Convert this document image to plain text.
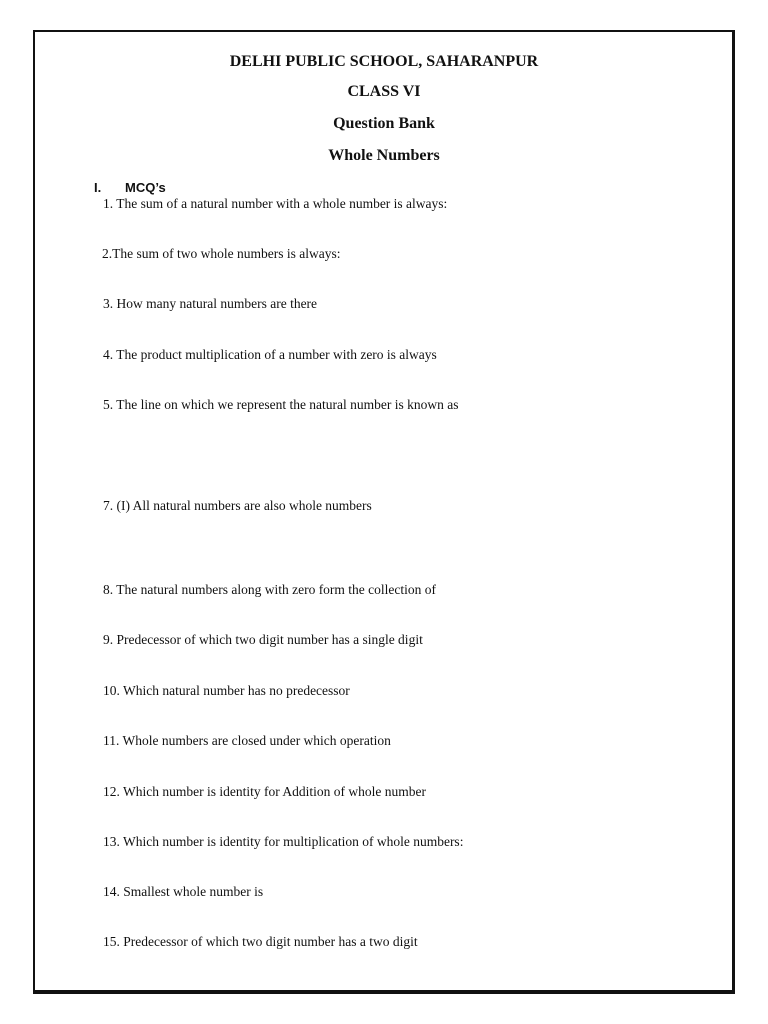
DELHI PUBLIC SCHOOL, SAHARANPUR
CLASS VI
Question Bank
Whole Numbers
I. MCQ’s
1. The sum of a natural number with a whole number is always:
2.The sum of two whole numbers is always:
3. How many natural numbers are there
4. The product multiplication of a number with zero is always
5. The line on which we represent the natural number is known as
7. (I) All natural numbers are also whole numbers
8. The natural numbers along with zero form the collection of
9. Predecessor of which two digit number has a single digit
10. Which natural number has no predecessor
11. Whole numbers are closed under which operation
12. Which number is identity for Addition of whole number
13. Which number is identity for multiplication of whole numbers:
14. Smallest whole number is
15. Predecessor of which two digit number has a two digit
